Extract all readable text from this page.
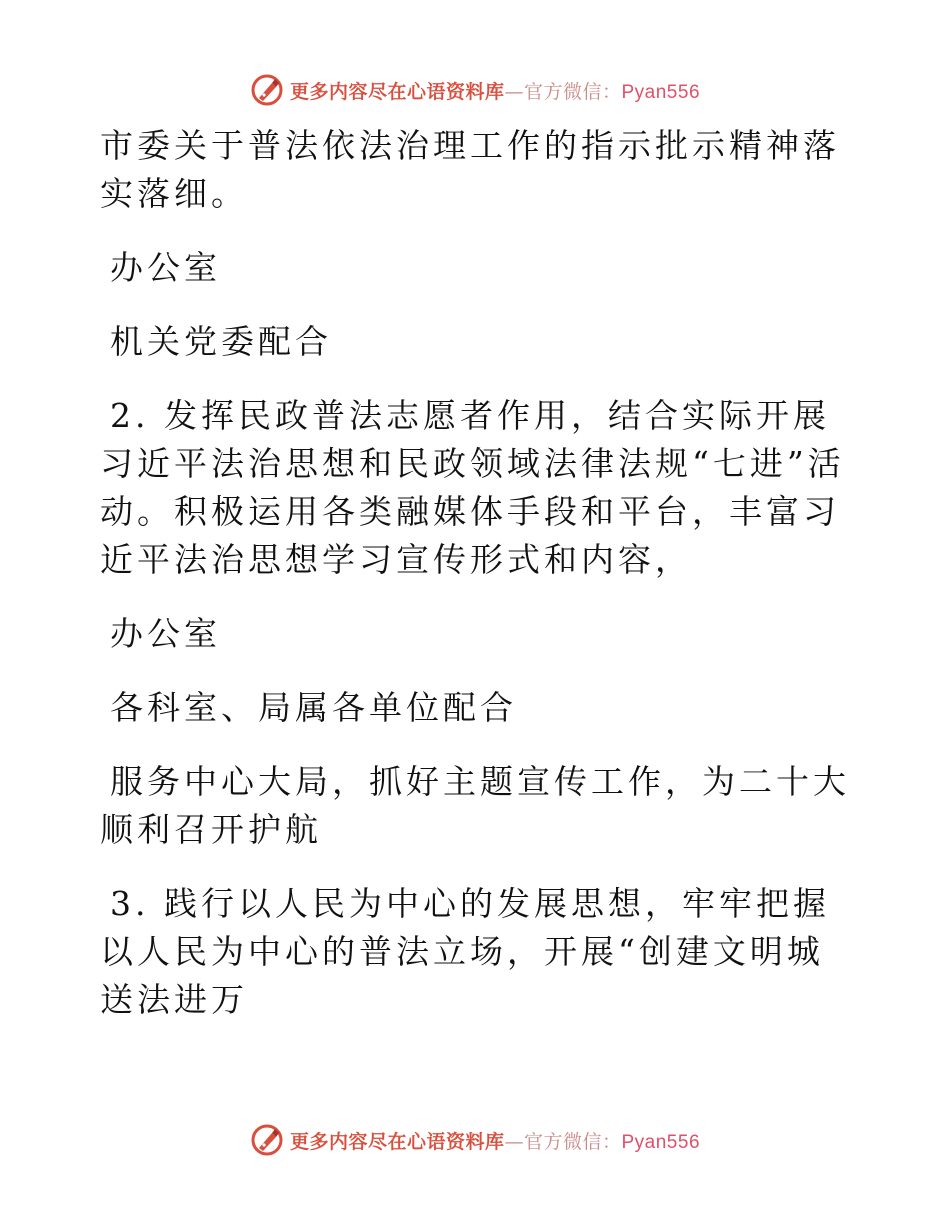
更多内容尽在心语资料库—官方微信：Pyan556

市委关于普法依法治理工作的指示批示精神落实落细。

办公室

机关党委配合

2. 发挥民政普法志愿者作用，结合实际开展习近平法治思想和民政领域法律法规“七进”活动。积极运用各类融媒体手段和平台，丰富习近平法治思想学习宣传形式和内容，

办公室

各科室、局属各单位配合

服务中心大局，抓好主题宣传工作，为二十大顺利召开护航

3. 践行以人民为中心的发展思想，牢牢把握以人民为中心的普法立场，开展“创建文明城送法进万

更多内容尽在心语资料库—官方微信：Pyan556
